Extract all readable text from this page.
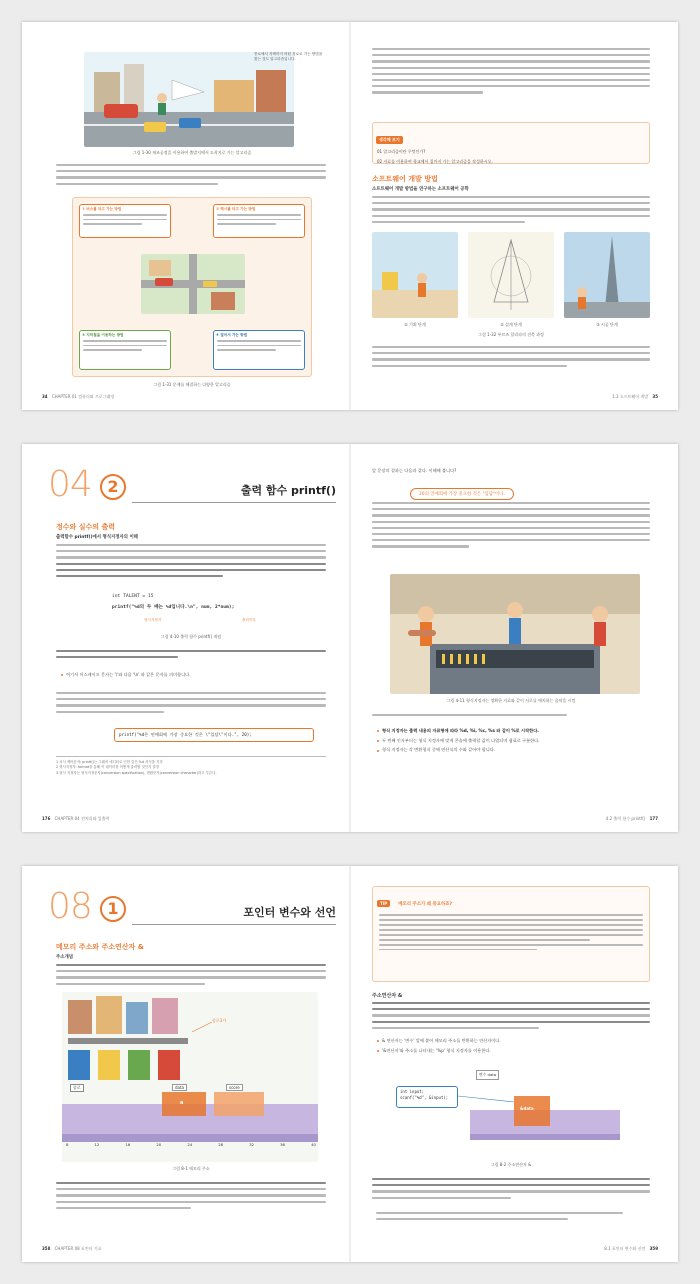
종로에서 자택까지 어떤 경로로 가는 방법을 찾는 것도 알고리즘입니다.
그림 1-30 제조공정을 이용하여 출발지에서 도착지로 가는 알고리즘
① 버스를 타고 가는 방법	② 택시를 타고 가는 방법
③ 지하철을 이용하는 방법	④ 걸어서 가는 방법
그림 1-31 문제를 해결하는 다양한 알고리즘
34 CHAPTER 01 컴퓨터와 프로그래밍
생각해 보기
01 알고리즘이란 무엇인가?
02 자료를 이용하여 학교에서 집까지 가는 알고리즘을 작성하시오.
소프트웨어 개발 방법
소프트웨어 개발 방법을 연구하는 소프트웨어 공학
① 기획 단계	② 설계 단계	③ 시공 단계
그림 1-32 부르즈 할리파의 건축 과정
1.3 소프트웨어 개발 35
04 2	출력 함수 printf()
정수와 실수의 출력
출력함수 printf()에서 형식지정자의 이해
int TALENT = 15
printf("%d의 두 배는 %d입니다.\n", num, 2*num);
형식지정자	출력목록
그림 4-10 출력 함수 printf() 개념
여기서 이스케이프 문자는 '\'와 다음 '\n' 과 같은 문자를 의미합니다.
printf("%d은 연예회에 가장 중요한 것은 \"입담\"이다.", 20);
1 서식 제어문자: printf()는 그래픽 에디터로 인한 것은 %d 서식을 지정
2 형식지정자: format을 통해 이 데이터를 어떻게 출력할 것인지 결정
3 형식 지정자는 형식지정문자(conversion specification), 변환문자(conversion character)라고 부른다.
176 CHAPTER 04 전처리와 입출력
앞 문장의 결과는 다음과 같다. 이해해 봅니다?
20의 연예회에 가장 중요한 것은 "입담"이다.
그림 4-11 형식지정자는 정확한 자료와 같이 서로를 매치하는 음악을 시킴
형식 지정자는 출력 내용의 자료형에 따라 %d, %i, %c, %s 와 같이 %로 시작한다.
두 번째 인자부터는 형식 지정자에 맞게 콘솔에 출력할 값이 나열되며 쉼표로 구분한다.
형식 지정자는 각 변환형식 중에 연산식의 수와 같아야 합니다.
4.2 출력 함수 printf() 177
08 1	포인터 변수와 선언
메모리 주소와 주소연산자 &
주소개념
종로
종로3가
data	score
a
8	12	16	20	24	28	32	36	40
그림 8-1 메모리 주소
358 CHAPTER 08 포인터 기초
TIP	메모리 주소가 왜 중요하죠?
주소연산자 &
& 연산자는 '변수' 앞에 붙어 메모리 주소를 반환하는 연산자이다.
'&연산자'와 주소를 나타내는 '%p' 형식 지정자를 이용한다.
int input;
scanf("%d", &input);
변수 data
&data
그림 8-2 주소연산자 &
8.1 포인터 변수와 선언 359
